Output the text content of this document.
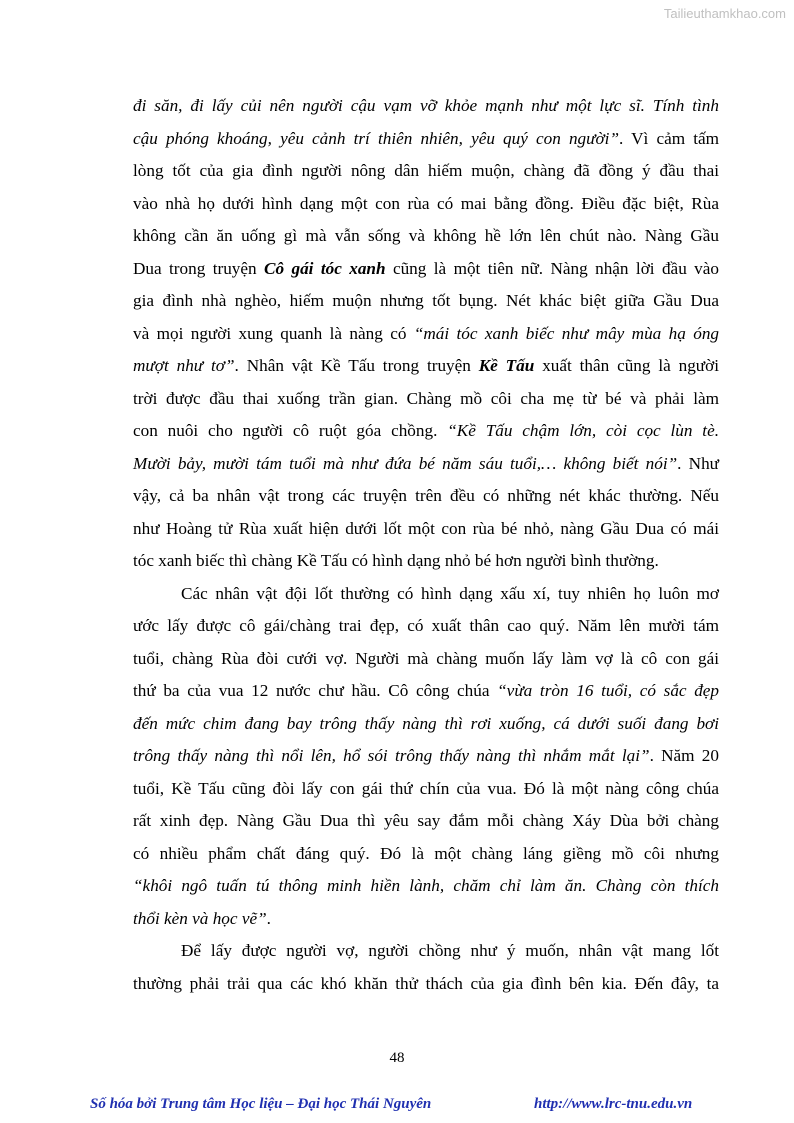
Tailieuthamkhao.com
đi săn, đi lấy củi nên người cậu vạm vỡ khỏe mạnh như một lực sĩ. Tính tình
cậu phóng khoáng, yêu cảnh trí thiên nhiên, yêu quý con người”. Vì cảm tấm
lòng tốt của gia đình người nông dân hiếm muộn, chàng đã đồng ý đầu thai
vào nhà họ dưới hình dạng một con rùa có mai bằng đồng. Điều đặc biệt, Rùa
không cần ăn uống gì mà vẫn sống và không hề lớn lên chút nào. Nàng Gầu
Dua trong truyện Cô gái tóc xanh cũng là một tiên nữ. Nàng nhận lời đầu vào
gia đình nhà nghèo, hiếm muộn nhưng tốt bụng. Nét khác biệt giữa Gầu Dua
và mọi người xung quanh là nàng có “mái tóc xanh biếc như mây mùa hạ óng
mượt như tơ”. Nhân vật Kề Tấu trong truyện Kề Tấu xuất thân cũng là người
trời được đầu thai xuống trần gian. Chàng mồ côi cha mẹ từ bé và phải làm
con nuôi cho người cô ruột góa chồng. “Kề Tấu chậm lớn, còi cọc lùn tè.
Mười bảy, mười tám tuổi mà như đứa bé năm sáu tuổi,… không biết nói”. Như
vậy, cả ba nhân vật trong các truyện trên đều có những nét khác thường. Nếu
như Hoàng tử Rùa xuất hiện dưới lốt một con rùa bé nhỏ, nàng Gầu Dua có mái
tóc xanh biếc thì chàng Kề Tấu có hình dạng nhỏ bé hơn người bình thường.
Các nhân vật đội lốt thường có hình dạng xấu xí, tuy nhiên họ luôn mơ
ước lấy được cô gái/chàng trai đẹp, có xuất thân cao quý. Năm lên mười tám
tuổi, chàng Rùa đòi cưới vợ. Người mà chàng muốn lấy làm vợ là cô con gái
thứ ba của vua 12 nước chư hầu. Cô công chúa “vừa tròn 16 tuổi, có sắc đẹp
đến mức chim đang bay trông thấy nàng thì rơi xuống, cá dưới suối đang bơi
trông thấy nàng thì nổi lên, hổ sói trông thấy nàng thì nhắm mắt lại”. Năm 20
tuổi, Kề Tấu cũng đòi lấy con gái thứ chín của vua. Đó là một nàng công chúa
rất xinh đẹp. Nàng Gầu Dua thì yêu say đắm mỗi chàng Xáy Dùa bởi chàng
có nhiều phẩm chất đáng quý. Đó là một chàng láng giềng mồ côi nhưng
“khôi ngô tuấn tú thông minh hiền lành, chăm chỉ làm ăn. Chàng còn thích
thổi kèn và học vẽ”.
Để lấy được người vợ, người chồng như ý muốn, nhân vật mang lốt
thường phải trải qua các khó khăn thử thách của gia đình bên kia. Đến đây, ta
48
Số hóa bởi Trung tâm Học liệu – Đại học Thái Nguyên	http://www.lrc-tnu.edu.vn
